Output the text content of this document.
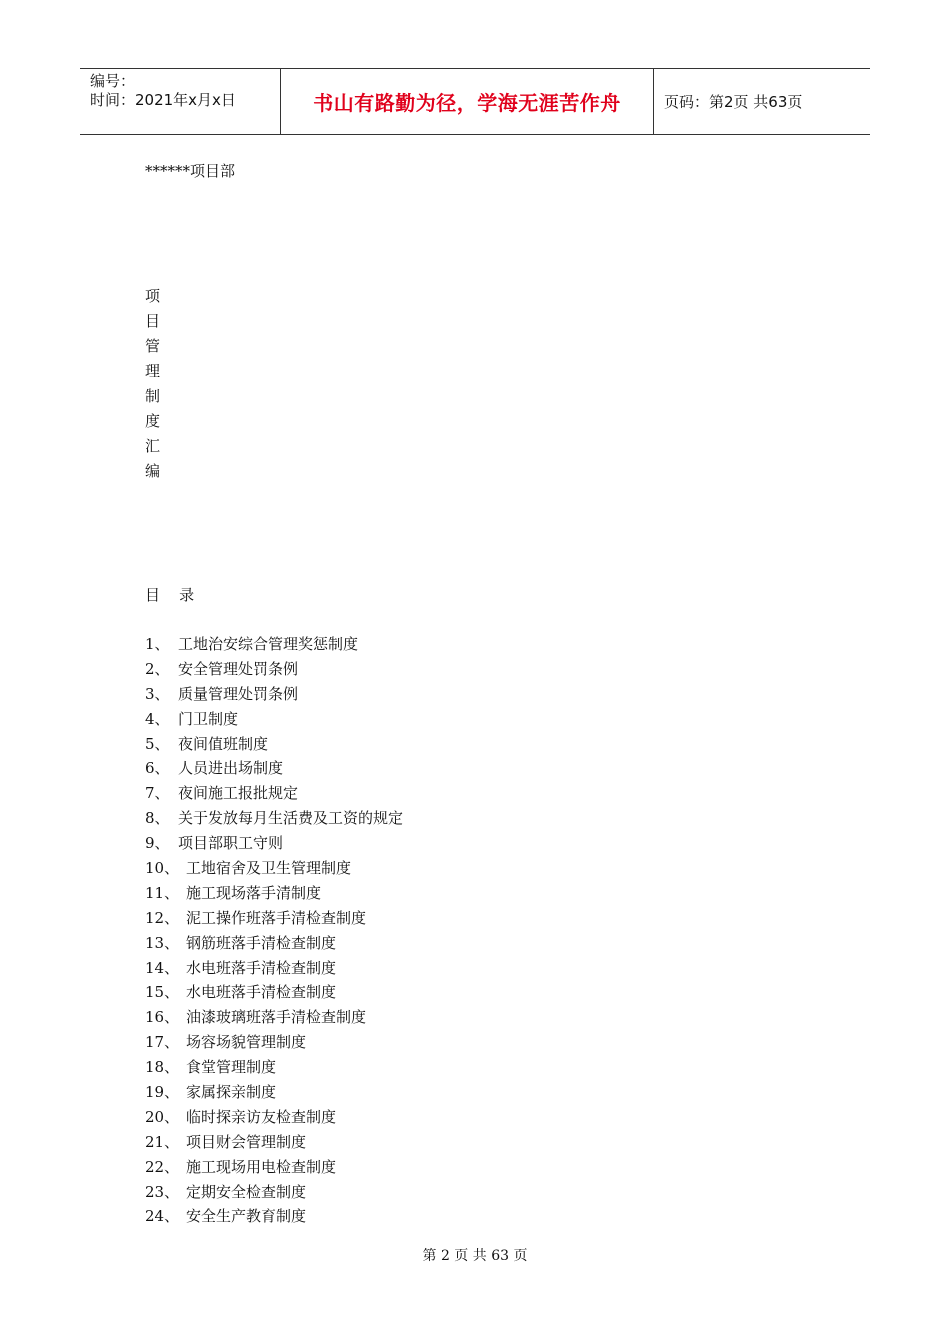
编号：
时间：2021年x月x日	书山有路勤为径，学海无涯苦作舟	页码：第2页 共63页
******项目部
项
目
管
理
制
度
汇
编
目    录
1、 工地治安综合管理奖惩制度
2、 安全管理处罚条例
3、 质量管理处罚条例
4、 门卫制度
5、 夜间值班制度
6、 人员进出场制度
7、 夜间施工报批规定
8、 关于发放每月生活费及工资的规定
9、 项目部职工守则
10、 工地宿舍及卫生管理制度
11、 施工现场落手清制度
12、 泥工操作班落手清检查制度
13、 钢筋班落手清检查制度
14、 水电班落手清检查制度
15、 水电班落手清检查制度
16、 油漆玻璃班落手清检查制度
17、 场容场貌管理制度
18、 食堂管理制度
19、 家属探亲制度
20、 临时探亲访友检查制度
21、 项目财会管理制度
22、 施工现场用电检查制度
23、 定期安全检查制度
24、 安全生产教育制度
第 2 页 共 63 页
